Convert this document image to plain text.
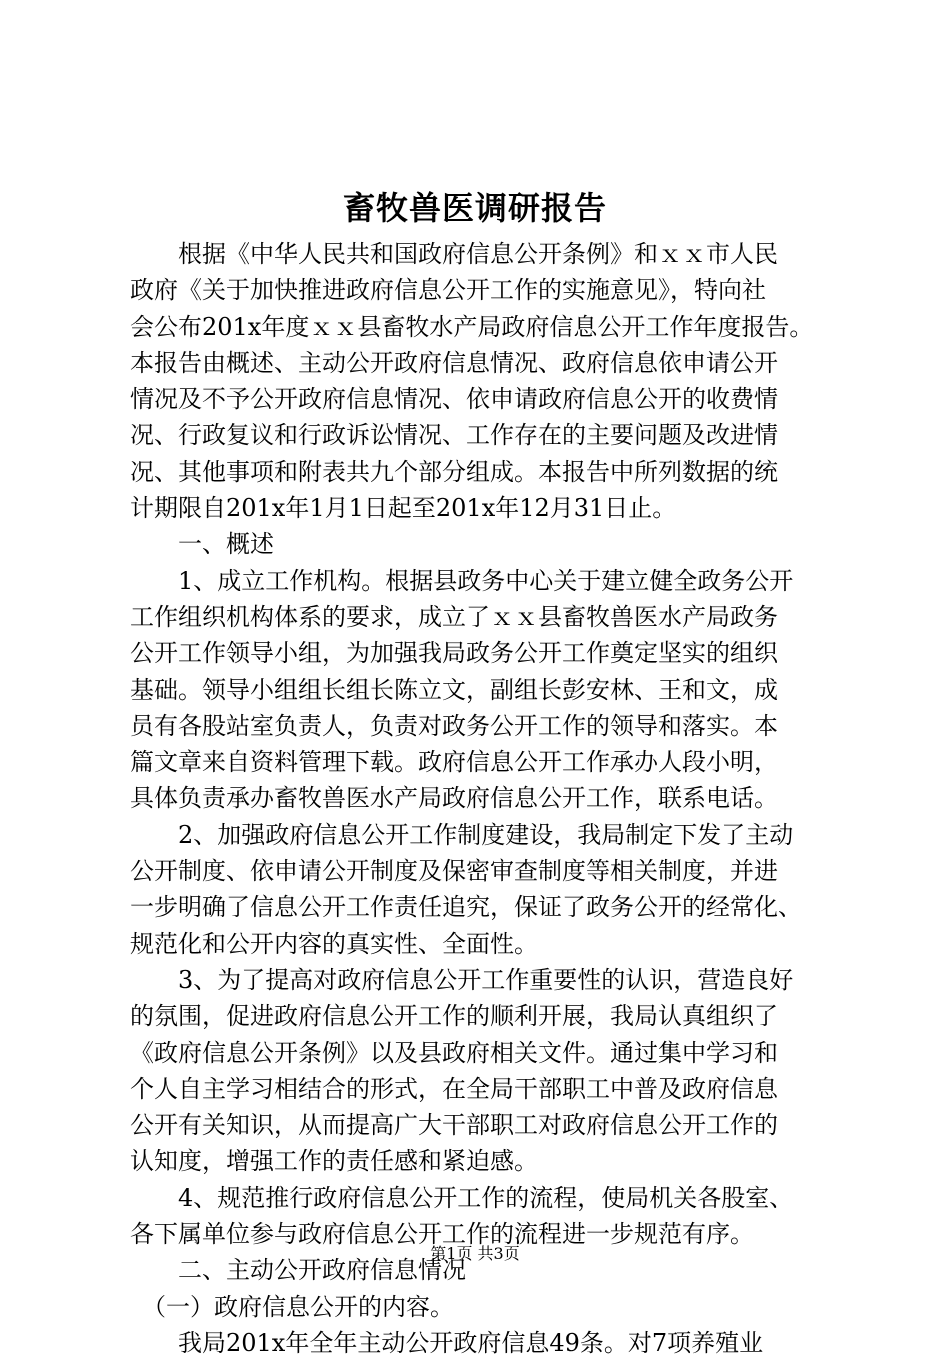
畜牧兽医调研报告
　　根据《中华人民共和国政府信息公开条例》和ｘｘ市人民
政府《关于加快推进政府信息公开工作的实施意见》，特向社
会公布201x年度ｘｘ县畜牧水产局政府信息公开工作年度报告。
本报告由概述、主动公开政府信息情况、政府信息依申请公开
情况及不予公开政府信息情况、依申请政府信息公开的收费情
况、行政复议和行政诉讼情况、工作存在的主要问题及改进情
况、其他事项和附表共九个部分组成。本报告中所列数据的统
计期限自201x年1月1日起至201x年12月31日止。
　　一、概述
　　1、成立工作机构。根据县政务中心关于建立健全政务公开
工作组织机构体系的要求，成立了ｘｘ县畜牧兽医水产局政务
公开工作领导小组，为加强我局政务公开工作奠定坚实的组织
基础。领导小组组长组长陈立文，副组长彭安林、王和文，成
员有各股站室负责人，负责对政务公开工作的领导和落实。本
篇文章来自资料管理下载。政府信息公开工作承办人段小明，
具体负责承办畜牧兽医水产局政府信息公开工作，联系电话。
　　2、加强政府信息公开工作制度建设，我局制定下发了主动
公开制度、依申请公开制度及保密审查制度等相关制度，并进
一步明确了信息公开工作责任追究，保证了政务公开的经常化、
规范化和公开内容的真实性、全面性。
　　3、为了提高对政府信息公开工作重要性的认识，营造良好
的氛围，促进政府信息公开工作的顺利开展，我局认真组织了
《政府信息公开条例》以及县政府相关文件。通过集中学习和
个人自主学习相结合的形式，在全局干部职工中普及政府信息
公开有关知识，从而提高广大干部职工对政府信息公开工作的
认知度，增强工作的责任感和紧迫感。
　　4、规范推行政府信息公开工作的流程，使局机关各股室、
各下属单位参与政府信息公开工作的流程进一步规范有序。
　　二、主动公开政府信息情况
　（一）政府信息公开的内容。
　　我局201x年全年主动公开政府信息49条。对7项养殖业
第1页 共3页
